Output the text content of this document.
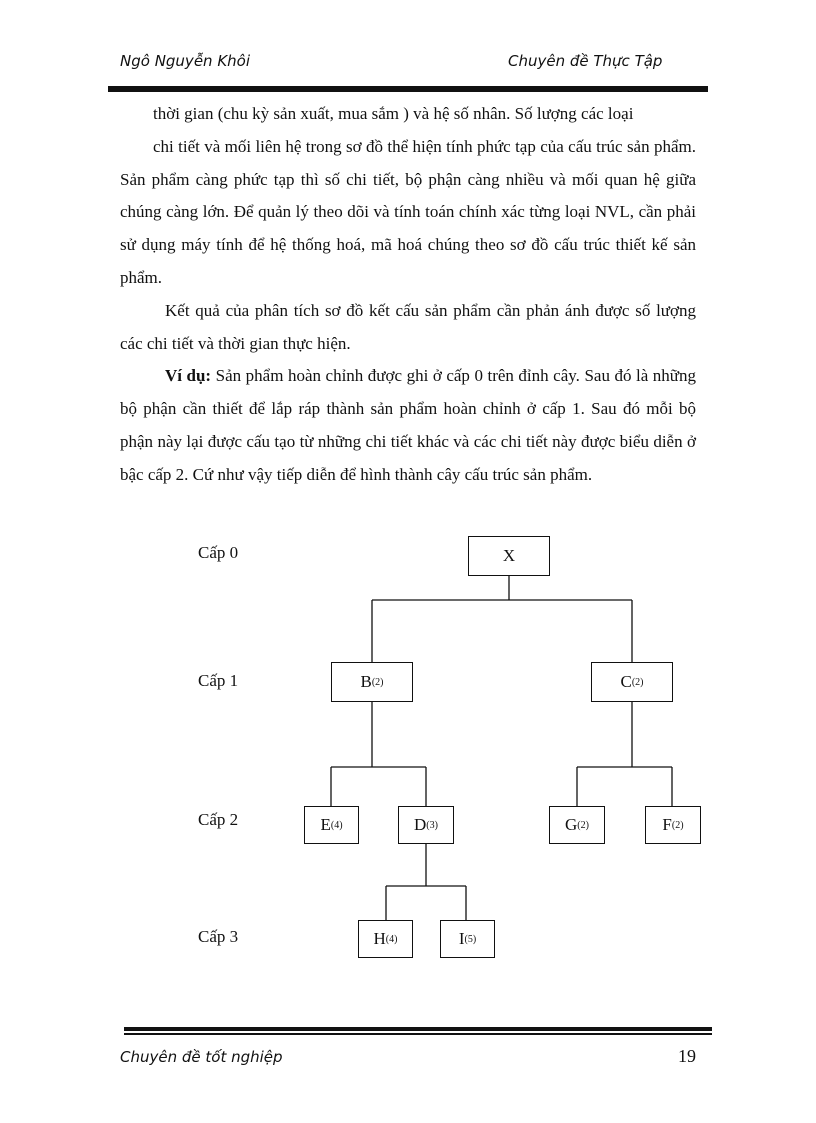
Ngô Nguyễn Khôi	Chuyên đề Thực Tập

thời gian (chu kỳ sản xuất, mua sắm ) và hệ số nhân. Số lượng các loại

chi tiết và mối liên hệ trong sơ đồ thể hiện tính phức tạp của cấu trúc sản phẩm. Sản phẩm càng phức tạp thì số chi tiết, bộ phận càng nhiều và mối quan hệ giữa chúng càng lớn. Để quản lý theo dõi và tính toán chính xác từng loại NVL, cần phải sử dụng máy tính để hệ thống hoá, mã hoá chúng theo sơ đồ cấu trúc thiết kế sản phẩm.

Kết quả của phân tích sơ đồ kết cấu sản phẩm cần phản ánh được số lượng các chi tiết và thời gian thực hiện.

Ví dụ: Sản phẩm hoàn chỉnh được ghi ở cấp 0 trên đỉnh cây. Sau đó là những bộ phận cần thiết để lắp ráp thành sản phẩm hoàn chỉnh ở cấp 1. Sau đó mỗi bộ phận này lại được cấu tạo từ những chi tiết khác và các chi tiết này được biểu diễn ở bậc cấp 2. Cứ như vậy tiếp diễn để hình thành cây cấu trúc sản phẩm.

Cấp 0
Cấp 1
Cấp 2
Cấp 3
X
B (2)	C (2)
E (4)	D (3)	G (2)	F (2)
H (4)	I (5)
Chuyên đề tốt nghiệp	19
